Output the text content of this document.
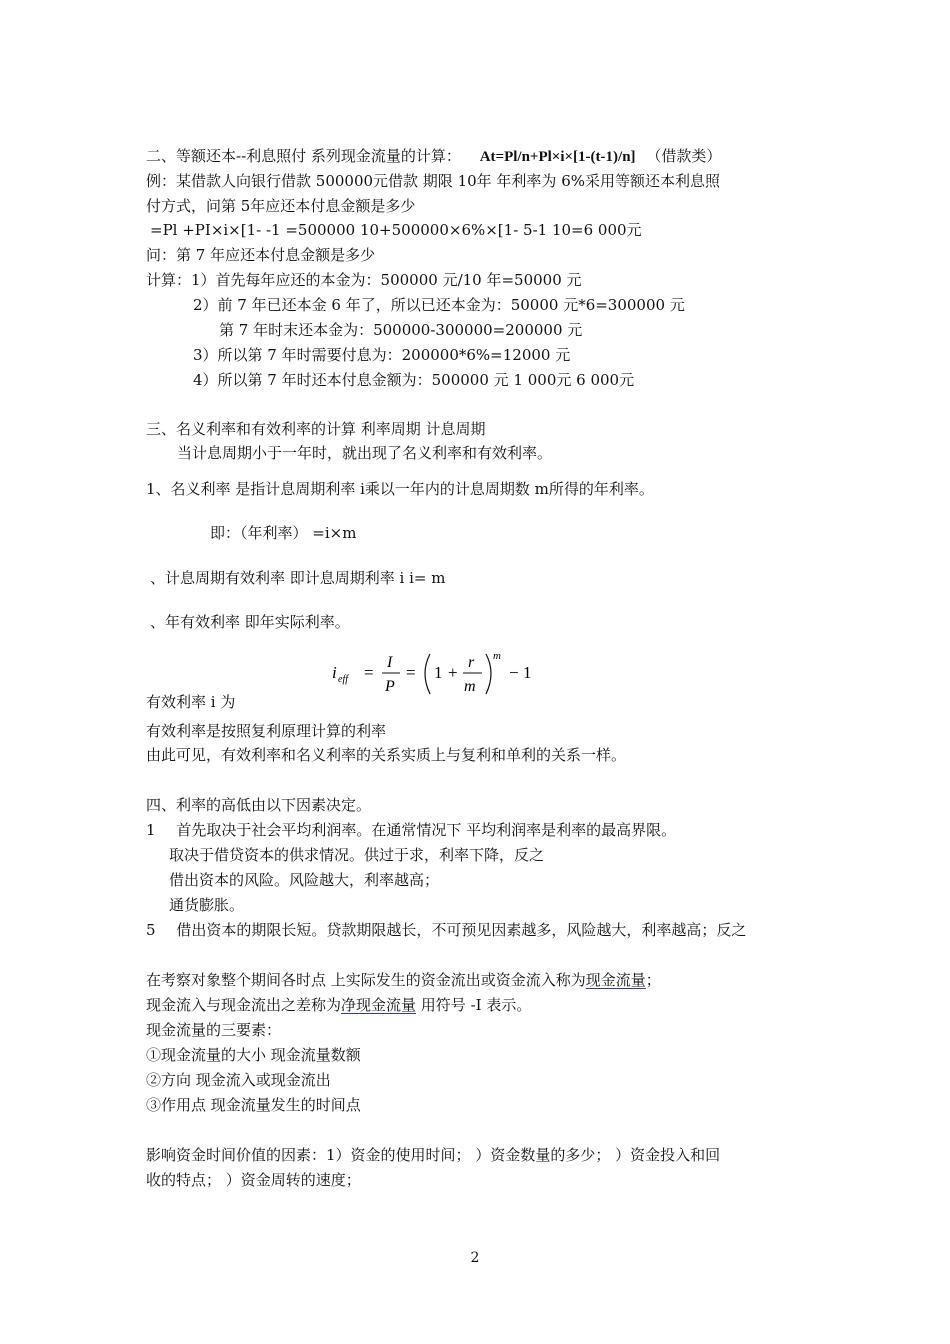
二、等额还本--利息照付 系列现金流量的计算： At=Pl/n+Pl×i×[1-(t-1)/n] （借款类）
例：某借款人向银行借款 500000元借款 期限 10年 年利率为 6%采用等额还本利息照
付方式，问第 5年应还本付息金额是多少
=Pl +PI×i×[1- -1 =500000 10+500000×6%×[1- 5-1 10=6 000元
问：第 7 年应还本付息金额是多少
计算：1）首先每年应还的本金为：500000 元/10 年=50000 元
2）前 7 年已还本金 6 年了，所以已还本金为：50000 元*6=300000 元
第 7 年时末还本金为：500000-300000=200000 元
3）所以第 7 年时需要付息为：200000*6%=12000 元
4）所以第 7 年时还本付息金额为：500000 元 1 000元 6 000元
三、名义利率和有效利率的计算 利率周期 计息周期
当计息周期小于一年时，就出现了名义利率和有效利率。
1、名义利率 是指计息周期利率 i乘以一年内的计息周期数 m所得的年利率。
即：（年利率） =i×m
、计息周期有效利率 即计息周期利率 i i= m
、年有效利率 即年实际利率。
i eff =
I
P
= 1 +
r
m
m
− 1
有效利率 i 为
有效利率是按照复利原理计算的利率
由此可见，有效利率和名义利率的关系实质上与复利和单利的关系一样。
四、利率的高低由以下因素决定。
1 首先取决于社会平均利润率。在通常情况下 平均利润率是利率的最高界限。
取决于借贷资本的供求情况。供过于求，利率下降，反之
借出资本的风险。风险越大，利率越高；
通货膨胀。
5 借出资本的期限长短。贷款期限越长，不可预见因素越多，风险越大，利率越高；反之
在考察对象整个期间各时点 上实际发生的资金流出或资金流入称为现金流量；
现金流入与现金流出之差称为净现金流量 用符号 -I 表示。
现金流量的三要素：
①现金流量的大小 现金流量数额
②方向 现金流入或现金流出
③作用点 现金流量发生的时间点
影响资金时间价值的因素：1）资金的使用时间； ）资金数量的多少； ）资金投入和回
收的特点； ）资金周转的速度；
2
